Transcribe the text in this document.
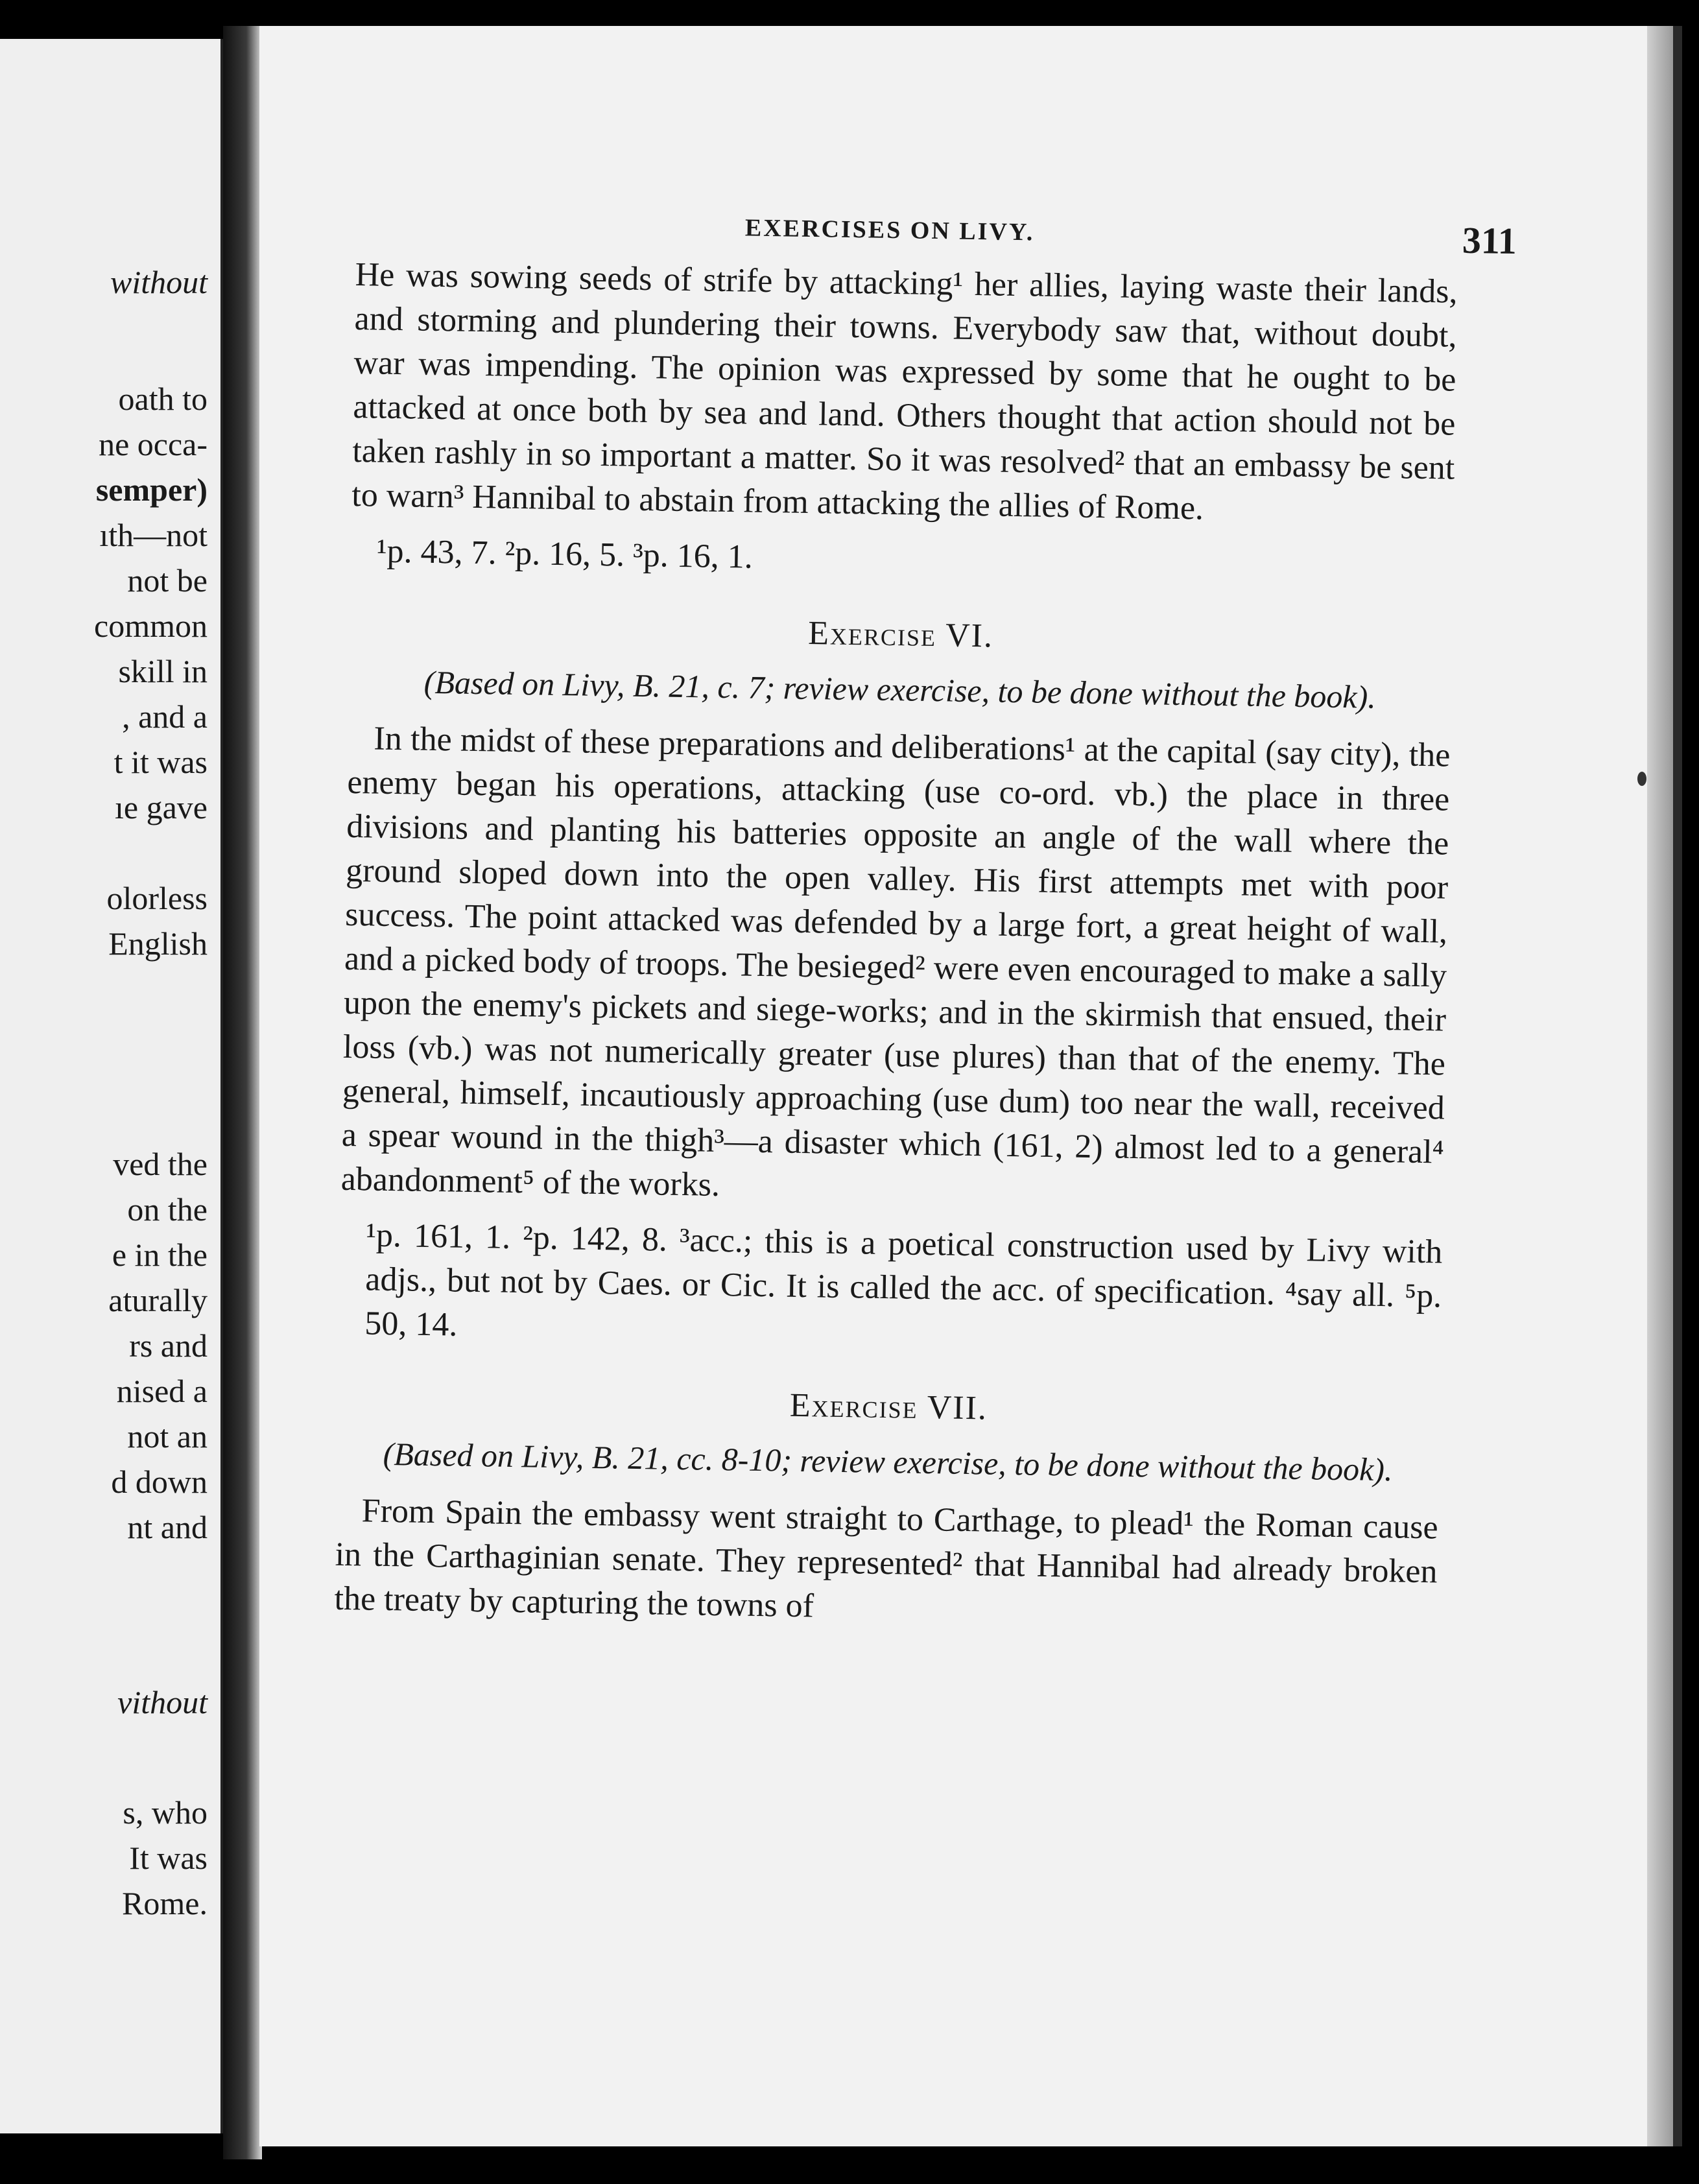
without
oath to
ne occa-
semper)
ıth—not
not be
common
skill in
, and a
t it was
ıe gave
olorless
English
ved the
on the
e in the
aturally
rs and
nised a
not an
d down
nt and
vithout
s, who
It was
Rome.
EXERCISES ON LIVY.	311

He was sowing seeds of strife by attacking¹ her allies, laying waste their lands, and storming and plundering their towns. Everybody saw that, without doubt, war was impending. The opinion was expressed by some that he ought to be attacked at once both by sea and land. Others thought that action should not be taken rashly in so important a matter. So it was resolved² that an embassy be sent to warn³ Hannibal to abstain from attacking the allies of Rome.

¹p. 43, 7. ²p. 16, 5. ³p. 16, 1.

Exercise VI.

(Based on Livy, B. 21, c. 7; review exercise, to be done without the book).

In the midst of these preparations and deliberations¹ at the capital (say city), the enemy began his operations, attacking (use co-ord. vb.) the place in three divisions and planting his batteries opposite an angle of the wall where the ground sloped down into the open valley. His first attempts met with poor success. The point attacked was defended by a large fort, a great height of wall, and a picked body of troops. The besieged² were even encouraged to make a sally upon the enemy's pickets and siege-works; and in the skirmish that ensued, their loss (vb.) was not numerically greater (use plures) than that of the enemy. The general, himself, incautiously approaching (use dum) too near the wall, received a spear wound in the thigh³—a disaster which (161, 2) almost led to a general⁴ abandonment⁵ of the works.

¹p. 161, 1. ²p. 142, 8. ³acc.; this is a poetical construction used by Livy with adjs., but not by Caes. or Cic. It is called the acc. of specification. ⁴say all. ⁵p. 50, 14.

Exercise VII.

(Based on Livy, B. 21, cc. 8-10; review exercise, to be done without the book).

From Spain the embassy went straight to Carthage, to plead¹ the Roman cause in the Carthaginian senate. They represented² that Hannibal had already broken the treaty by capturing the towns of
